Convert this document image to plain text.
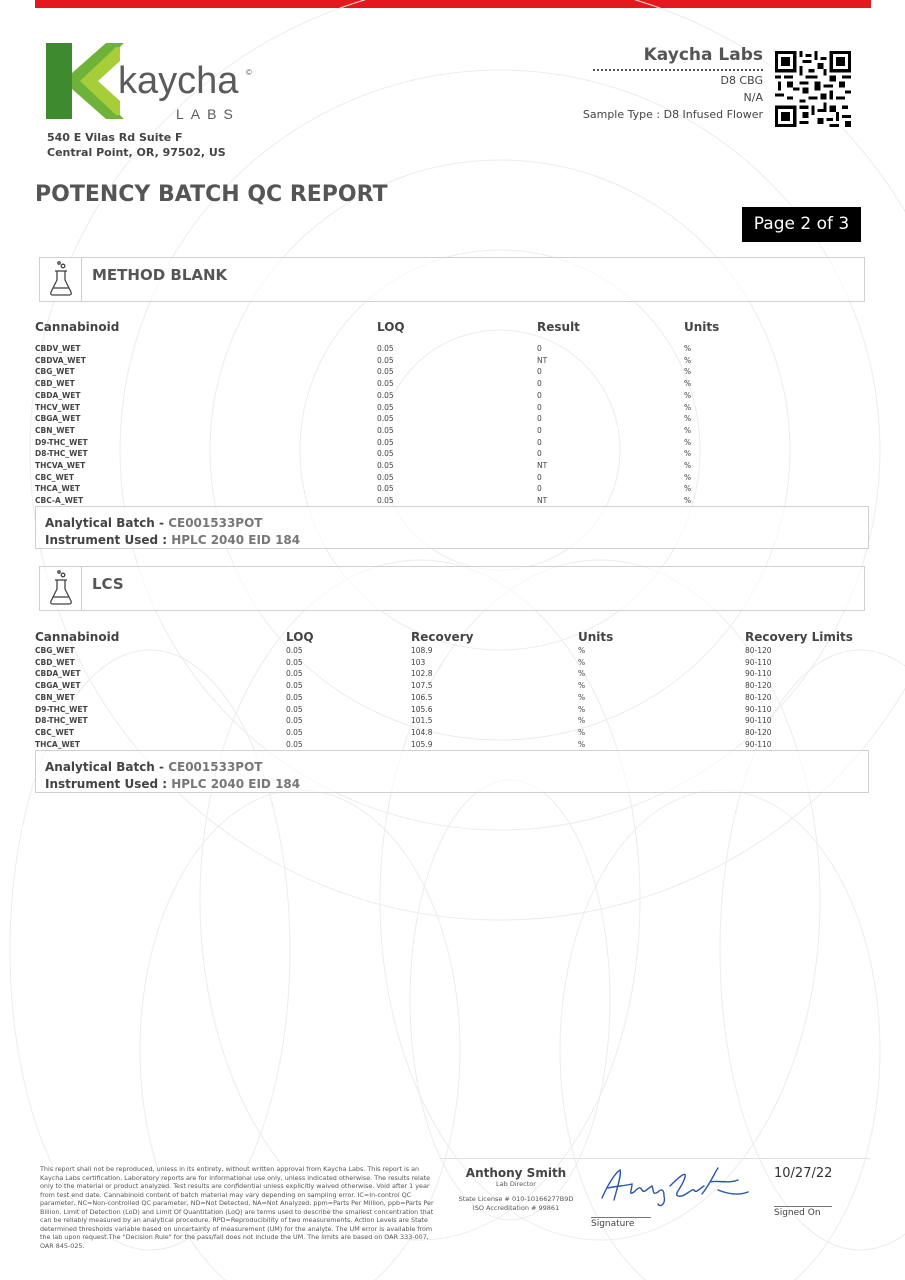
kaycha ©
LABS
540 E Vilas Rd Suite F
Central Point, OR, 97502, US
Kaycha Labs
D8 CBG
N/A
Sample Type : D8 Infused Flower
POTENCY BATCH QC REPORT
Page 2 of 3
METHOD BLANK
Cannabinoid	LOQ	Result	Units
CBDV_WET	0.05	0	%
CBDVA_WET	0.05	NT	%
CBG_WET	0.05	0	%
CBD_WET	0.05	0	%
CBDA_WET	0.05	0	%
THCV_WET	0.05	0	%
CBGA_WET	0.05	0	%
CBN_WET	0.05	0	%
D9-THC_WET	0.05	0	%
D8-THC_WET	0.05	0	%
THCVA_WET	0.05	NT	%
CBC_WET	0.05	0	%
THCA_WET	0.05	0	%
CBC-A_WET	0.05	NT	%
Analytical Batch - CE001533POT
Instrument Used : HPLC 2040 EID 184
LCS
Cannabinoid	LOQ	Recovery	Units	Recovery Limits
CBG_WET	0.05	108.9	%	80-120
CBD_WET	0.05	103	%	90-110
CBDA_WET	0.05	102.8	%	90-110
CBGA_WET	0.05	107.5	%	80-120
CBN_WET	0.05	106.5	%	80-120
D9-THC_WET	0.05	105.6	%	90-110
D8-THC_WET	0.05	101.5	%	90-110
CBC_WET	0.05	104.8	%	80-120
THCA_WET	0.05	105.9	%	90-110
Analytical Batch - CE001533POT
Instrument Used : HPLC 2040 EID 184
This report shall not be reproduced, unless in its entirety, without written approval from Kaycha Labs. This report is an Kaycha Labs certification. Laboratory reports are for informational use only, unless indicated otherwise. The results relate only to the material or product analyzed. Test results are confidential unless explicitly waived otherwise. Void after 1 year from test end date. Cannabinoid content of batch material may vary depending on sampling error. IC=In-control QC parameter, NC=Non-controlled QC parameter, ND=Not Detected, NA=Not Analyzed, ppm=Parts Per Million, ppb=Parts Per Billion. Limit of Detection (LoD) and Limit Of Quantitation (LoQ) are terms used to describe the smallest concentration that can be reliably measured by an analytical procedure. RPD=Reproducibility of two measurements. Action Levels are State determined thresholds variable based on uncertainty of measurement (UM) for the analyte. The UM error is available from the lab upon request.The "Decision Rule" for the pass/fail does not include the UM. The limits are based on OAR 333-007, OAR 845-025.
Anthony Smith
Lab Director
State License # 010-10166277B9D
ISO Accreditation # 99861
Signature
10/27/22
Signed On
